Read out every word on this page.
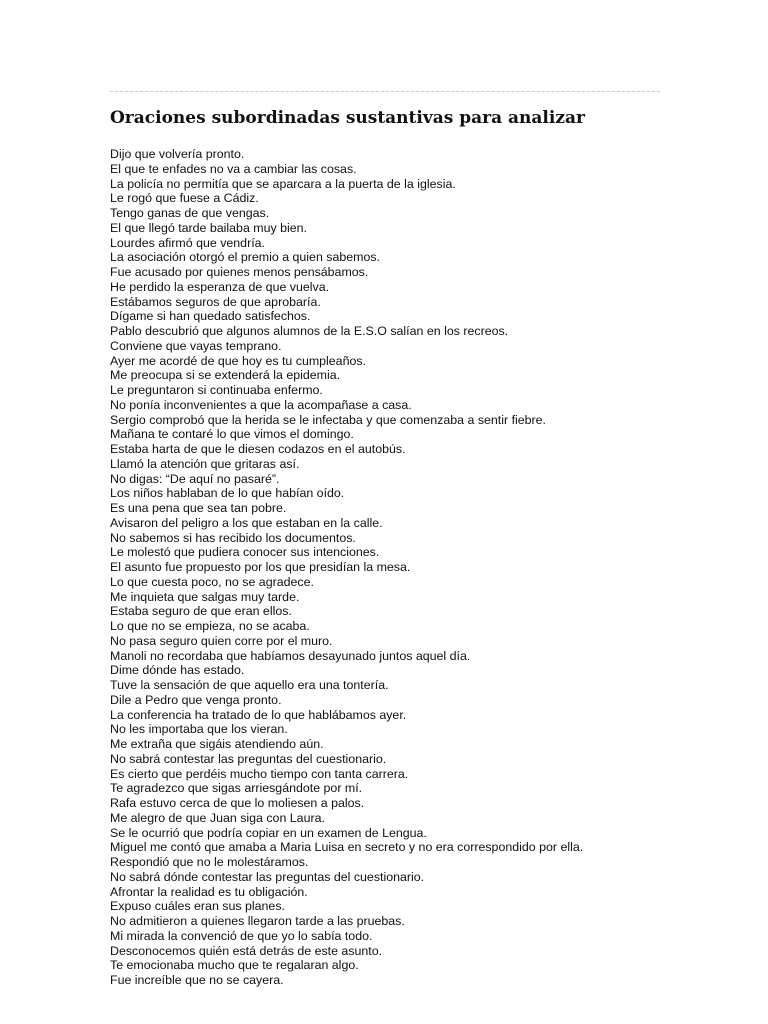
Oraciones subordinadas sustantivas para analizar
Dijo que volvería pronto.
El que te enfades no va a cambiar las cosas.
La policía no permitía que se aparcara a la puerta de la iglesia.
Le rogó que fuese a Cádiz.
Tengo ganas de que vengas.
El que llegó tarde bailaba muy bien.
Lourdes afirmó que vendría.
La asociación otorgó el premio a quien sabemos.
Fue acusado por quienes menos pensábamos.
He perdido la esperanza de que vuelva.
Estábamos seguros de que aprobaría.
Dígame si han quedado satisfechos.
Pablo descubrió que algunos alumnos de la E.S.O salían en los recreos.
Conviene que vayas temprano.
Ayer me acordé de que hoy es tu cumpleaños.
Me preocupa si se extenderá la epidemia.
Le preguntaron si continuaba enfermo.
No ponía inconvenientes a que la acompañase a casa.
Sergio comprobó que la herida se le infectaba y que comenzaba a sentir fiebre.
Mañana te contaré lo que vimos el domingo.
Estaba harta de que le diesen codazos en el autobús.
Llamó la atención que gritaras así.
No digas: “De aquí no pasaré”.
Los niños hablaban de lo que habían oído.
Es una pena que sea tan pobre.
Avisaron del peligro a los que estaban en la calle.
No sabemos si has recibido los documentos.
Le molestó que pudiera conocer sus intenciones.
El asunto fue propuesto por los que presidían la mesa.
Lo que cuesta poco, no se agradece.
Me inquieta que salgas muy tarde.
Estaba seguro de que eran ellos.
Lo que no se empieza, no se acaba.
No pasa seguro quien corre por el muro.
Manoli no recordaba que habíamos desayunado juntos aquel día.
Dime dónde has estado.
Tuve la sensación de que aquello era una tontería.
Dile a Pedro que venga pronto.
La conferencia ha tratado de lo que hablábamos ayer.
No les importaba que los vieran.
Me extraña que sigáis atendiendo aún.
No sabrá contestar las preguntas del cuestionario.
Es cierto que perdéis mucho tiempo con tanta carrera.
Te agradezco que sigas arriesgándote por mí.
Rafa estuvo cerca de que lo moliesen a palos.
Me alegro de que Juan siga con Laura.
Se le ocurrió que podría copiar en un examen de Lengua.
Miguel me contó que amaba a Maria Luisa en secreto y no era correspondido por ella.
Respondió que no le molestáramos.
No sabrá dónde contestar las preguntas del cuestionario.
Afrontar la realidad es tu obligación.
Expuso cuáles eran sus planes.
No admitieron a quienes llegaron tarde a las pruebas.
Mi mirada la convenció de que yo lo sabía todo.
Desconocemos quién está detrás de este asunto.
Te emocionaba mucho que te regalaran algo.
Fue increíble que no se cayera.
